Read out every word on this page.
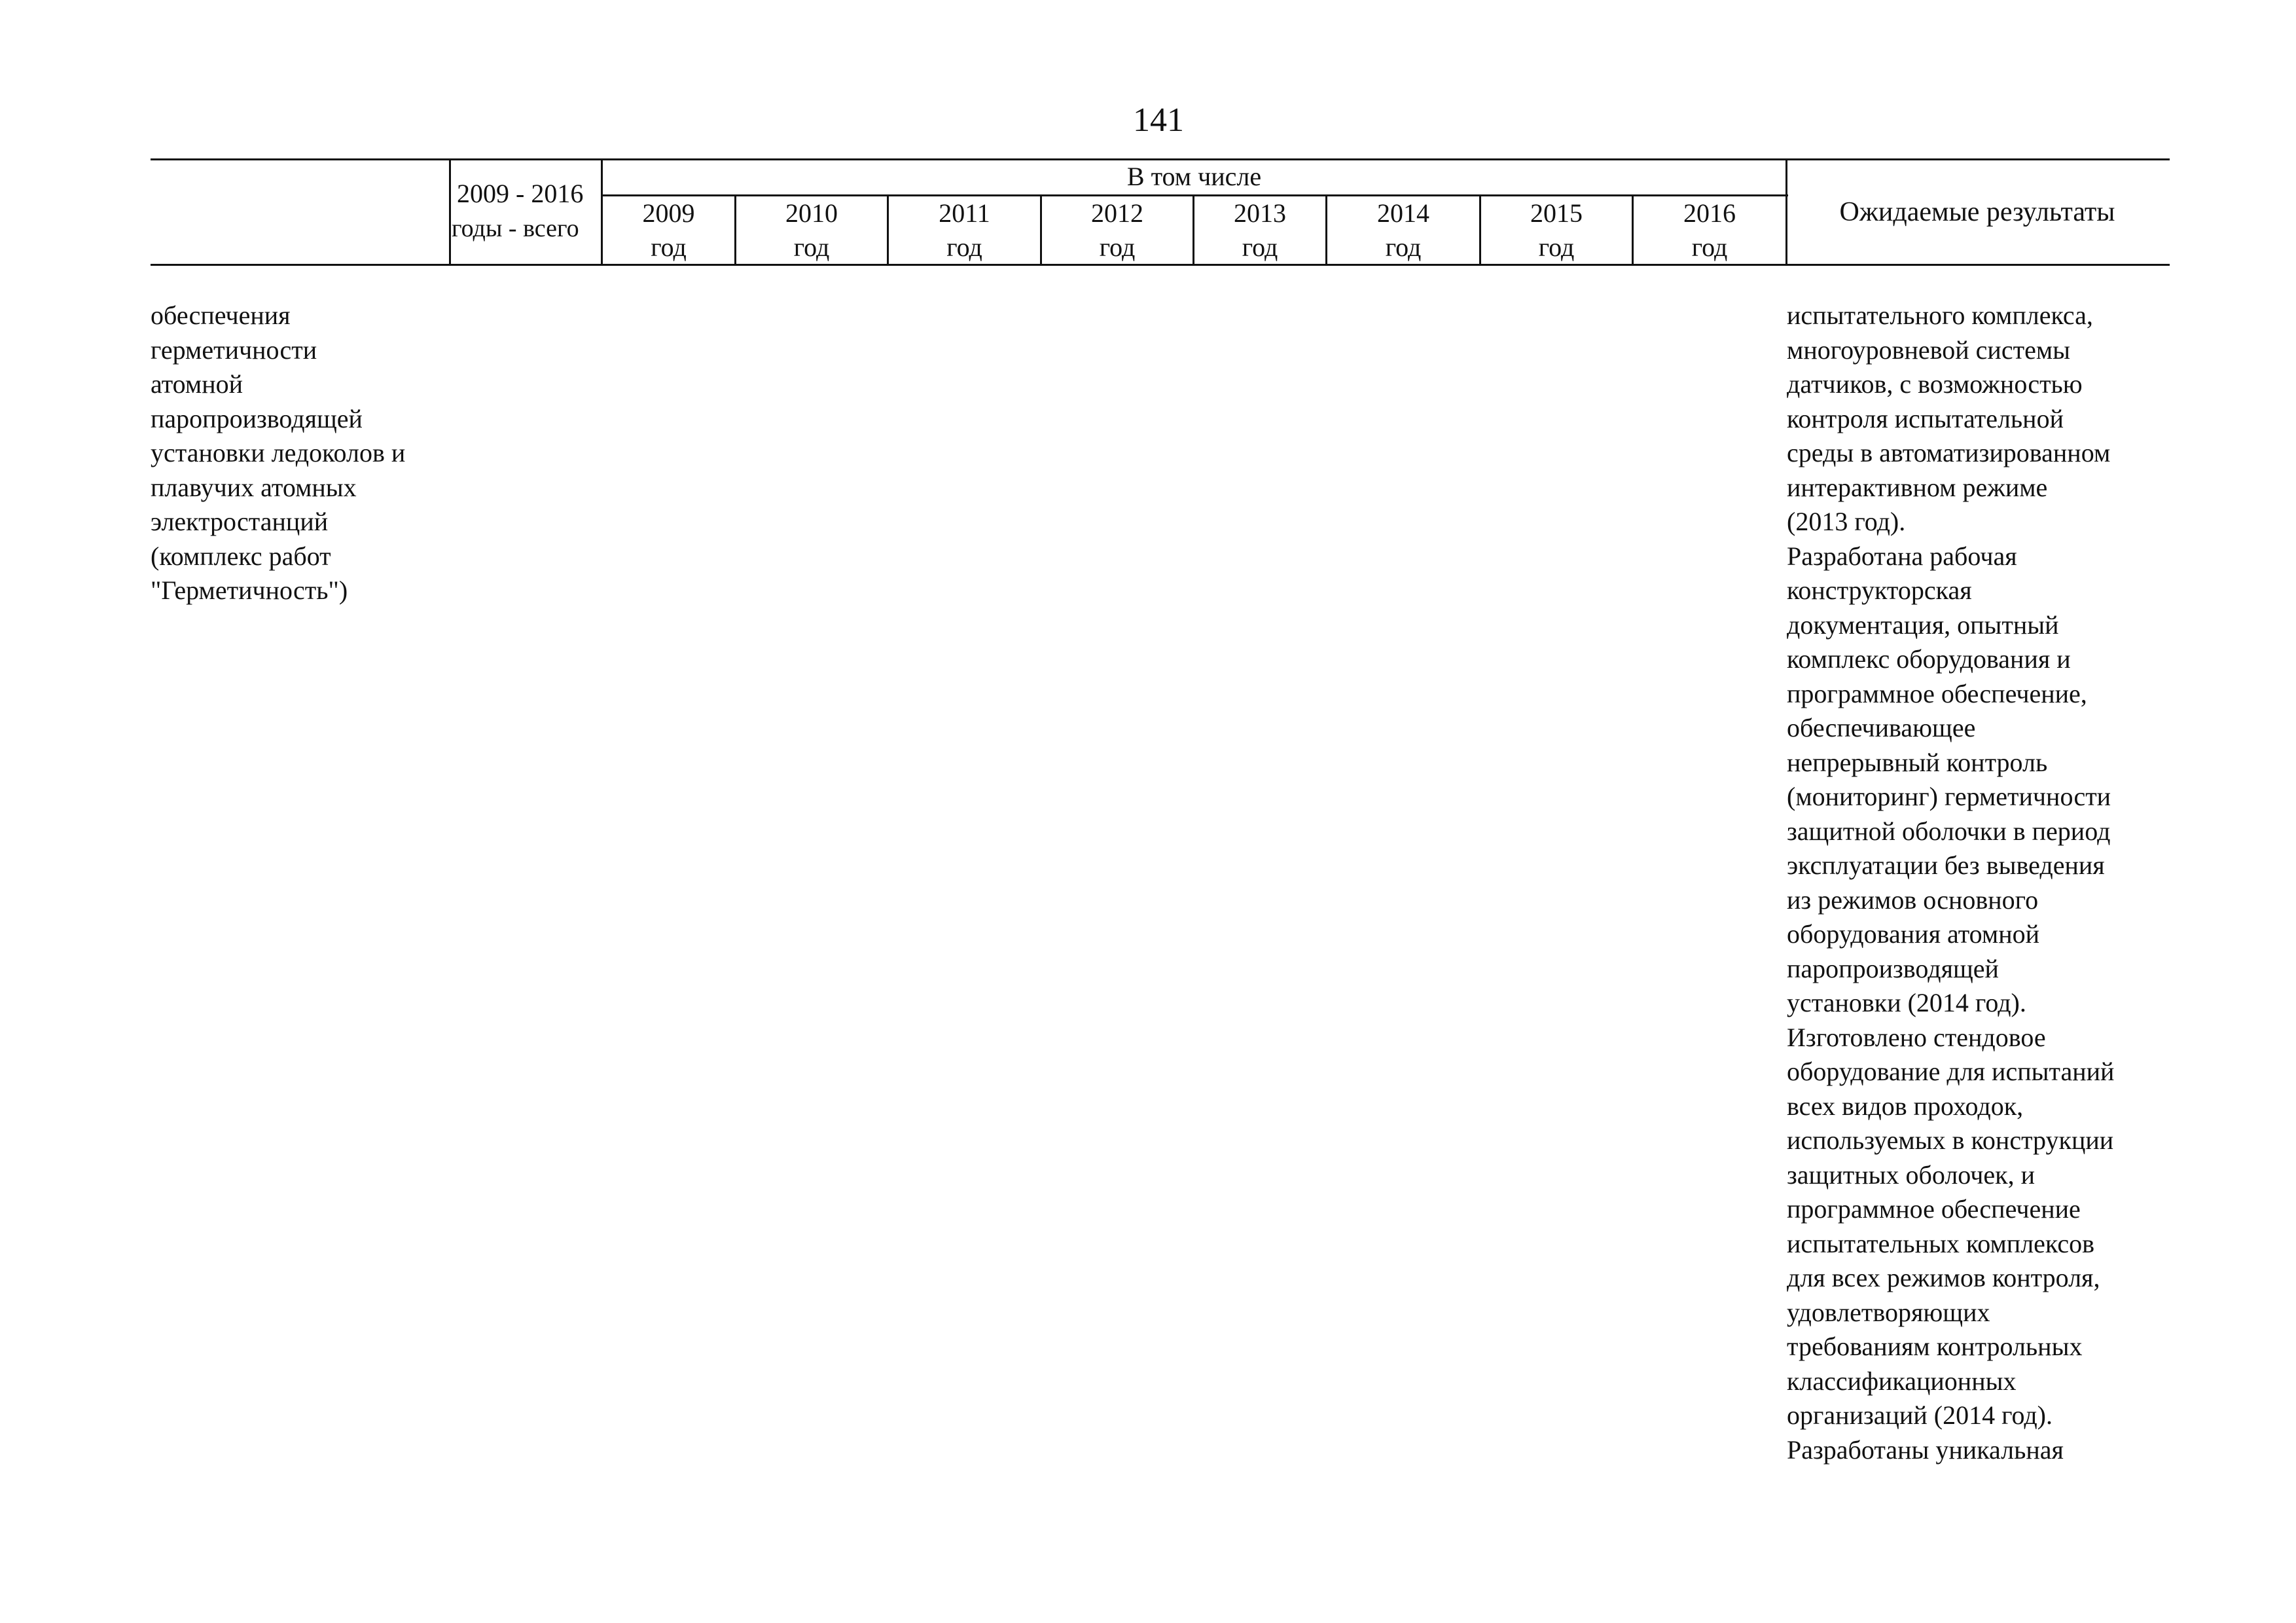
141
2009 - 2016
годы - всего
В том числе
2009
год
2010
год
2011
год
2012
год
2013
год
2014
год
2015
год
2016
год
Ожидаемые результаты
обеспечения
герметичности
атомной
паропроизводящей
установки ледоколов и
плавучих атомных
электростанций
(комплекс работ
"Герметичность")
испытательного комплекса,
многоуровневой системы
датчиков, с возможностью
контроля испытательной
среды в автоматизированном
интерактивном режиме
(2013 год).
Разработана рабочая
конструкторская
документация, опытный
комплекс оборудования и
программное обеспечение,
обеспечивающее
непрерывный контроль
(мониторинг) герметичности
защитной оболочки в период
эксплуатации без выведения
из режимов основного
оборудования атомной
паропроизводящей
установки (2014 год).
Изготовлено стендовое
оборудование для испытаний
всех видов проходок,
используемых в конструкции
защитных оболочек, и
программное обеспечение
испытательных комплексов
для всех режимов контроля,
удовлетворяющих
требованиям контрольных
классификационных
организаций (2014 год).
Разработаны уникальная
